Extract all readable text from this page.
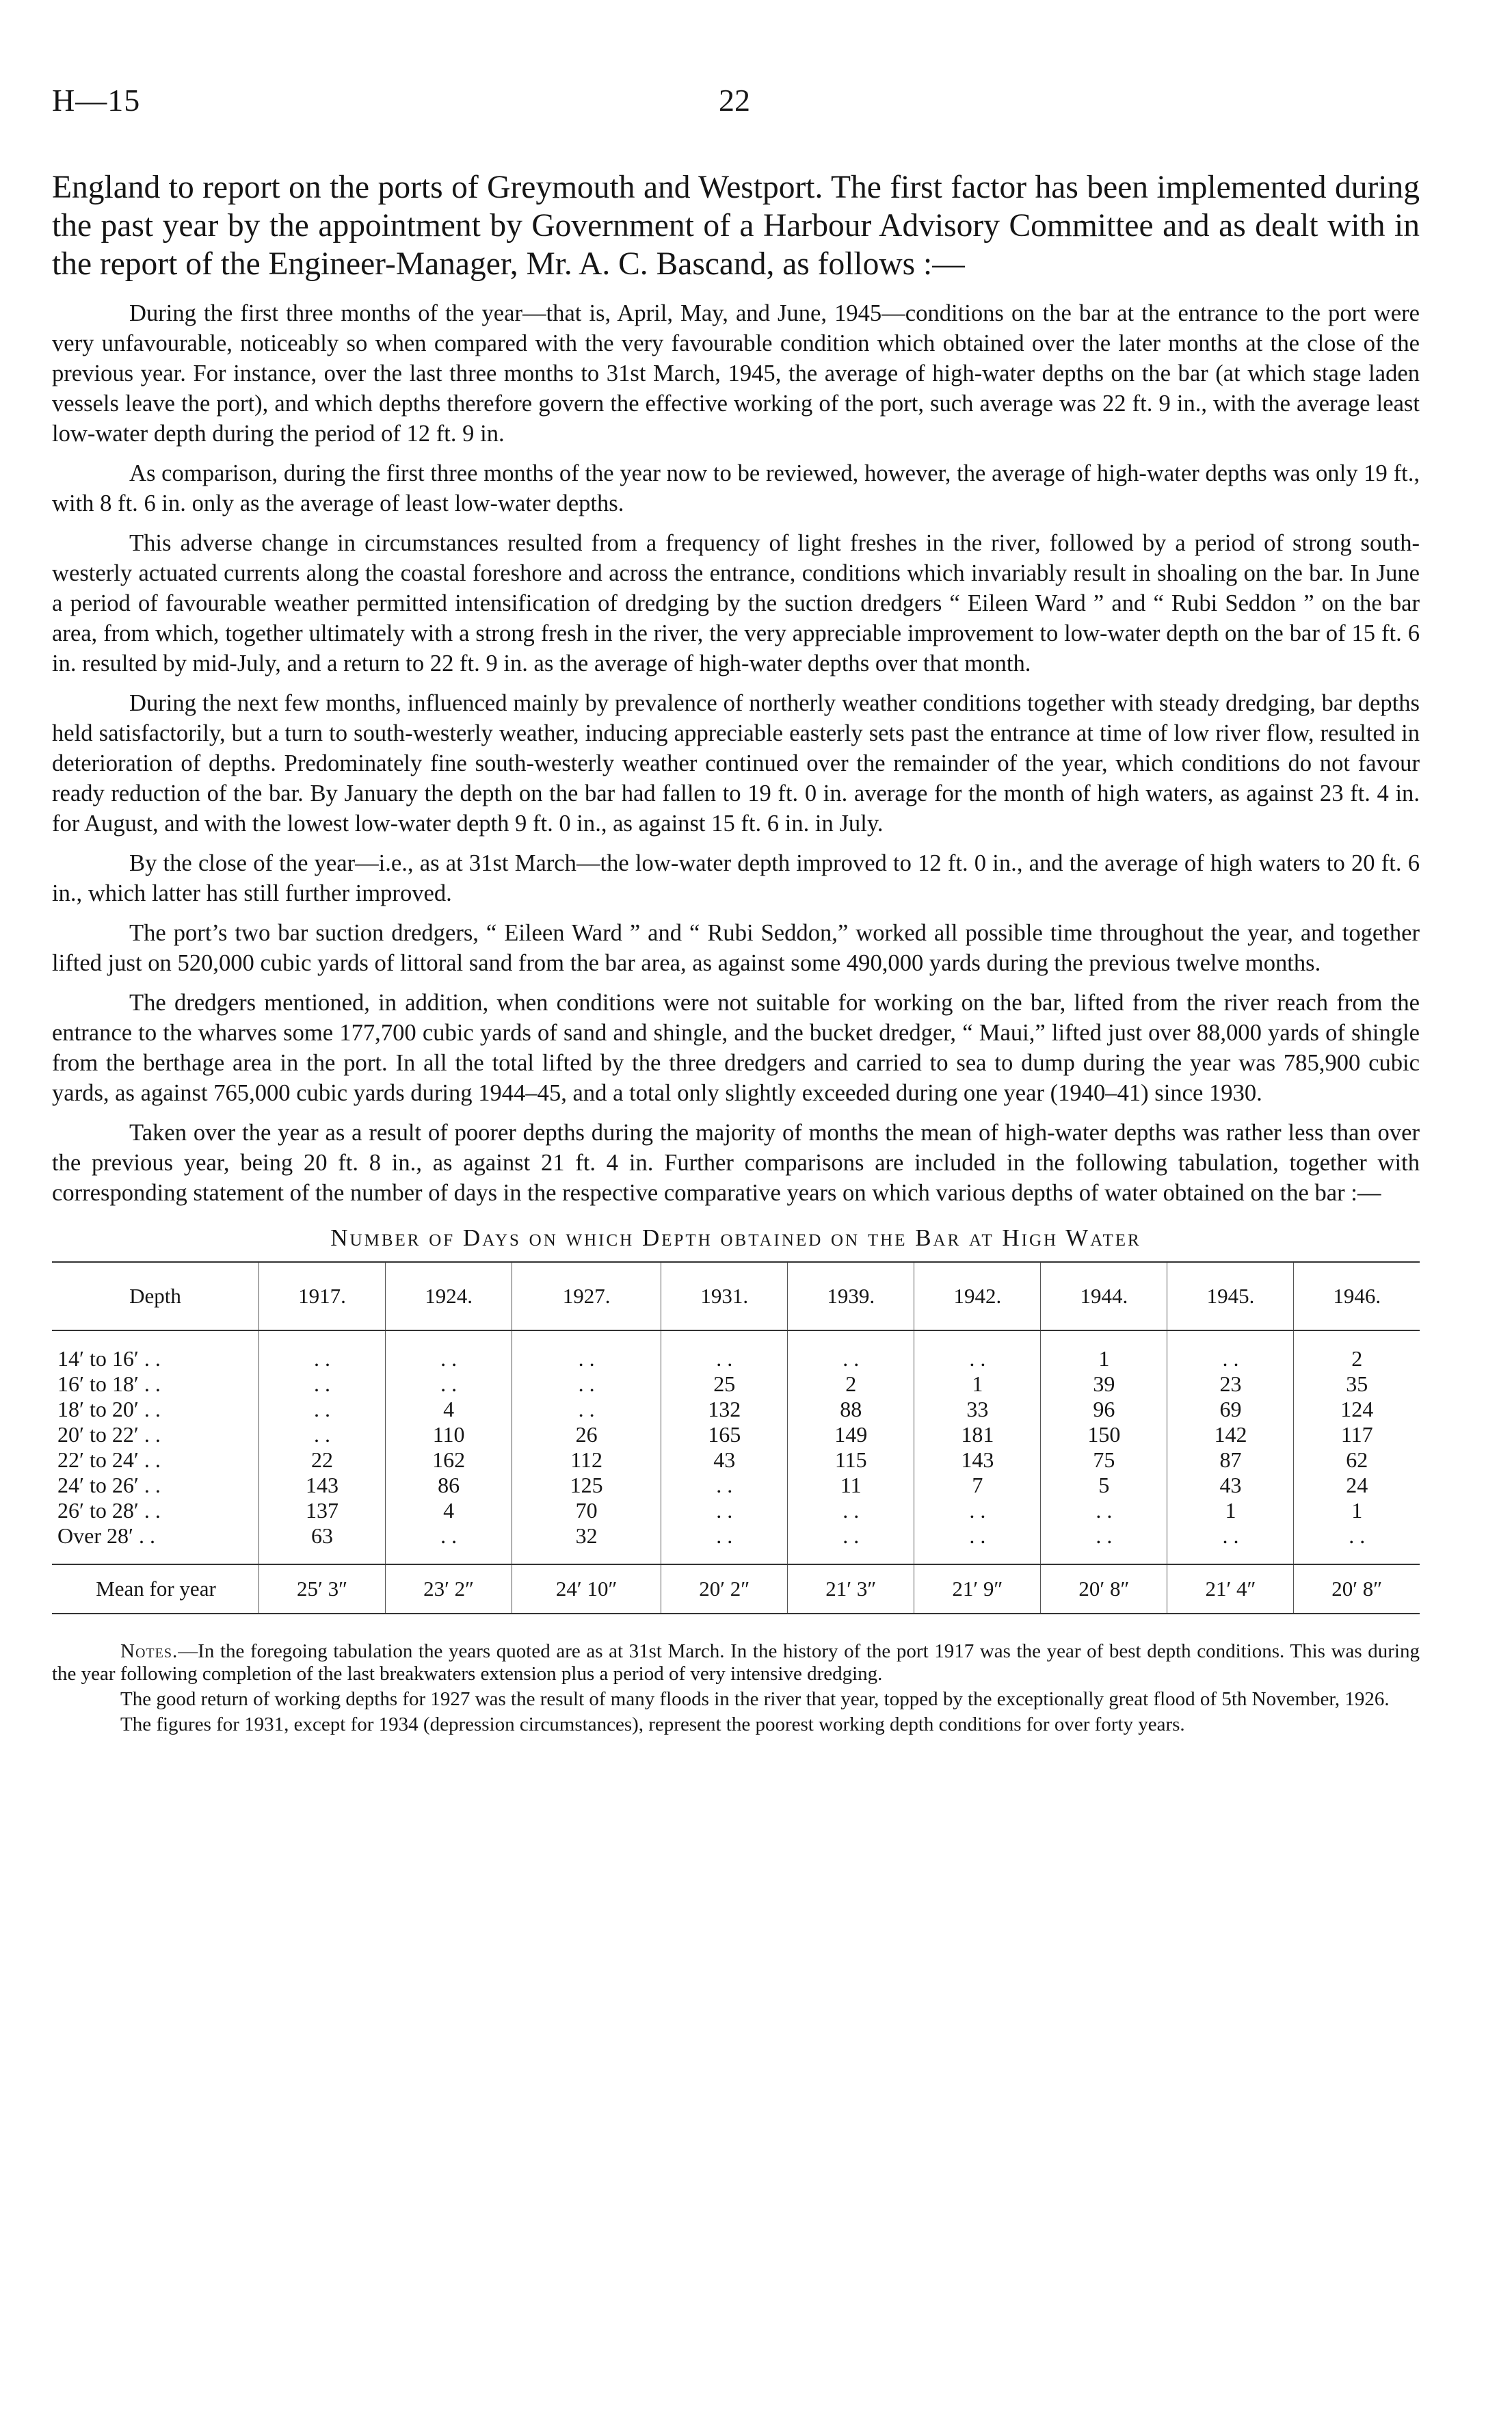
H—15	22

England to report on the ports of Greymouth and Westport. The first factor has been implemented during the past year by the appointment by Government of a Harbour Advisory Committee and as dealt with in the report of the Engineer-Manager, Mr. A. C. Bascand, as follows :—

During the first three months of the year—that is, April, May, and June, 1945—conditions on the bar at the entrance to the port were very unfavourable, noticeably so when compared with the very favourable condition which obtained over the later months at the close of the previous year. For instance, over the last three months to 31st March, 1945, the average of high-water depths on the bar (at which stage laden vessels leave the port), and which depths therefore govern the effective working of the port, such average was 22 ft. 9 in., with the average least low-water depth during the period of 12 ft. 9 in.

As comparison, during the first three months of the year now to be reviewed, however, the average of high-water depths was only 19 ft., with 8 ft. 6 in. only as the average of least low-water depths.

This adverse change in circumstances resulted from a frequency of light freshes in the river, followed by a period of strong south-westerly actuated currents along the coastal foreshore and across the entrance, conditions which invariably result in shoaling on the bar. In June a period of favourable weather permitted intensification of dredging by the suction dredgers “ Eileen Ward ” and “ Rubi Seddon ” on the bar area, from which, together ultimately with a strong fresh in the river, the very appreciable improvement to low-water depth on the bar of 15 ft. 6 in. resulted by mid-July, and a return to 22 ft. 9 in. as the average of high-water depths over that month.

During the next few months, influenced mainly by prevalence of northerly weather conditions together with steady dredging, bar depths held satisfactorily, but a turn to south-westerly weather, inducing appreciable easterly sets past the entrance at time of low river flow, resulted in deterioration of depths. Predominately fine south-westerly weather continued over the remainder of the year, which conditions do not favour ready reduction of the bar. By January the depth on the bar had fallen to 19 ft. 0 in. average for the month of high waters, as against 23 ft. 4 in. for August, and with the lowest low-water depth 9 ft. 0 in., as against 15 ft. 6 in. in July.

By the close of the year—i.e., as at 31st March—the low-water depth improved to 12 ft. 0 in., and the average of high waters to 20 ft. 6 in., which latter has still further improved.

The port’s two bar suction dredgers, “ Eileen Ward ” and “ Rubi Seddon,” worked all possible time throughout the year, and together lifted just on 520,000 cubic yards of littoral sand from the bar area, as against some 490,000 yards during the previous twelve months.

The dredgers mentioned, in addition, when conditions were not suitable for working on the bar, lifted from the river reach from the entrance to the wharves some 177,700 cubic yards of sand and shingle, and the bucket dredger, “ Maui,” lifted just over 88,000 yards of shingle from the berthage area in the port. In all the total lifted by the three dredgers and carried to sea to dump during the year was 785,900 cubic yards, as against 765,000 cubic yards during 1944–45, and a total only slightly exceeded during one year (1940–41) since 1930.

Taken over the year as a result of poorer depths during the majority of months the mean of high-water depths was rather less than over the previous year, being 20 ft. 8 in., as against 21 ft. 4 in. Further comparisons are included in the following tabulation, together with corresponding statement of the number of days in the respective comparative years on which various depths of water obtained on the bar :—

Number of Days on which Depth obtained on the Bar at High Water
Depth	1917.	1924.	1927.	1931.	1939.	1942.	1944.	1945.	1946.

14′ to 16′ . .	. .	. .	. .	. .	. .	. .	1	. .	2
16′ to 18′ . .	. .	. .	. .	25	2	1	39	23	35
18′ to 20′ . .	. .	4	. .	132	88	33	96	69	124
20′ to 22′ . .	. .	110	26	165	149	181	150	142	117
22′ to 24′ . .	22	162	112	43	115	143	75	87	62
24′ to 26′ . .	143	86	125	. .	11	7	5	43	24
26′ to 28′ . .	137	4	70	. .	. .	. .	. .	1	1
Over 28′ . .	63	. .	32	. .	. .	. .	. .	. .	. .

Mean for year	25′ 3″	23′ 2″	24′ 10″	20′ 2″	21′ 3″	21′ 9″	20′ 8″	21′ 4″	20′ 8″

Notes.—In the foregoing tabulation the years quoted are as at 31st March. In the history of the port 1917 was the year of best depth conditions. This was during the year following completion of the last breakwaters extension plus a period of very intensive dredging.

The good return of working depths for 1927 was the result of many floods in the river that year, topped by the exceptionally great flood of 5th November, 1926.

The figures for 1931, except for 1934 (depression circumstances), represent the poorest working depth conditions for over forty years.
